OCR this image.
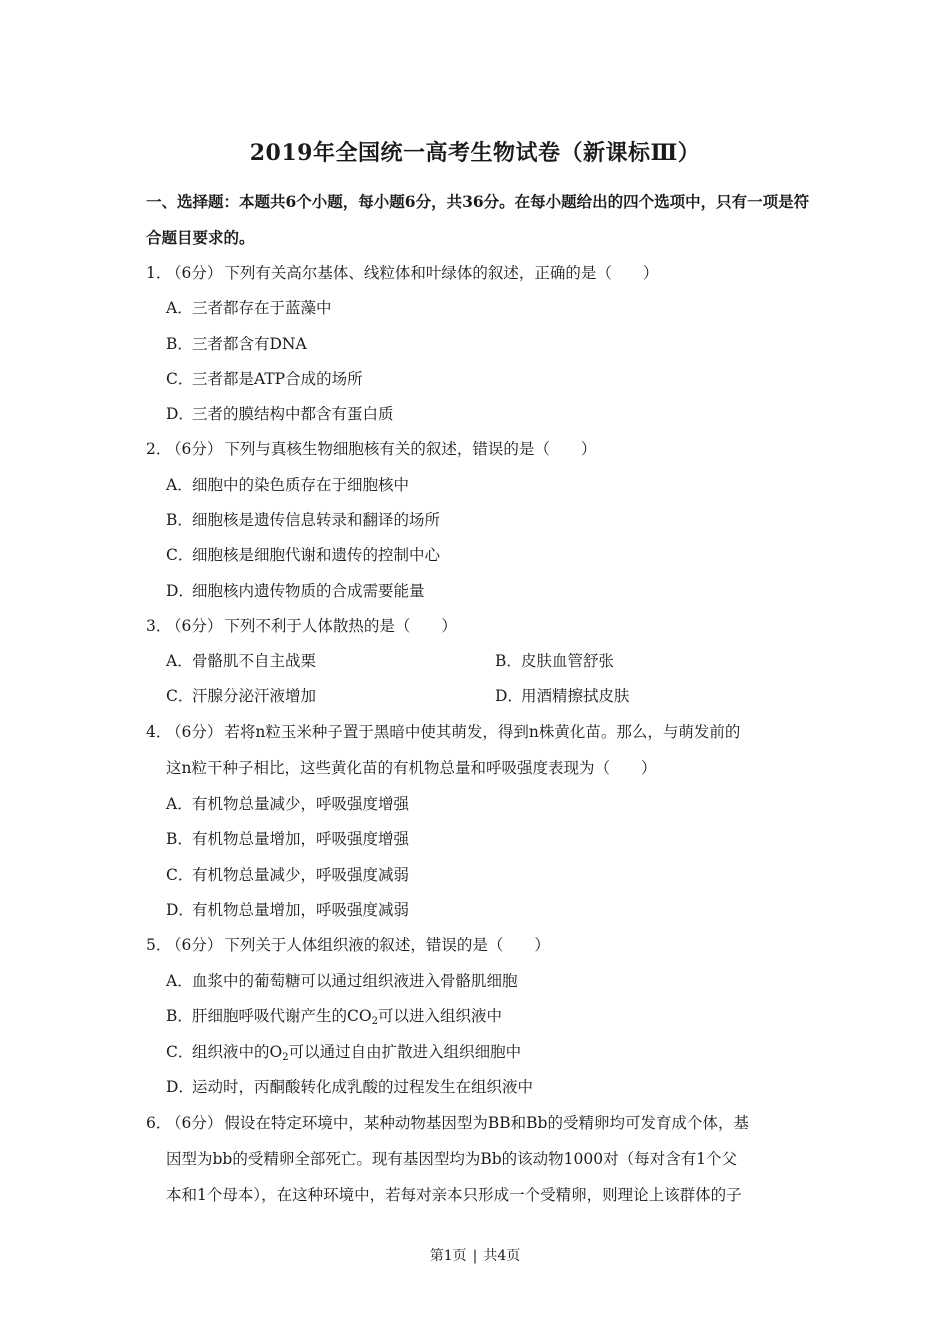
2019年全国统一高考生物试卷（新课标Ⅲ）
一、选择题：本题共6个小题，每小题6分，共36分。在每小题给出的四个选项中，只有一项是符合题目要求的。
1．（6分） 下列有关高尔基体、线粒体和叶绿体的叙述，正确的是（　　）
A．三者都存在于蓝藻中
B．三者都含有DNA
C．三者都是ATP合成的场所
D．三者的膜结构中都含有蛋白质
2．（6分） 下列与真核生物细胞核有关的叙述，错误的是（　　）
A．细胞中的染色质存在于细胞核中
B．细胞核是遗传信息转录和翻译的场所
C．细胞核是细胞代谢和遗传的控制中心
D．细胞核内遗传物质的合成需要能量
3．（6分） 下列不利于人体散热的是（　　）
A．骨骼肌不自主战栗	B．皮肤血管舒张
C．汗腺分泌汗液增加	D．用酒精擦拭皮肤
4．（6分） 若将n粒玉米种子置于黑暗中使其萌发，得到n株黄化苗。那么，与萌发前的
这n粒干种子相比，这些黄化苗的有机物总量和呼吸强度表现为（　　）
A．有机物总量减少，呼吸强度增强
B．有机物总量增加，呼吸强度增强
C．有机物总量减少，呼吸强度减弱
D．有机物总量增加，呼吸强度减弱
5．（6分） 下列关于人体组织液的叙述，错误的是（　　）
A．血浆中的葡萄糖可以通过组织液进入骨骼肌细胞
B．肝细胞呼吸代谢产生的$CO_2$可以进入组织液中
C．组织液中的$O_2$可以通过自由扩散进入组织细胞中
D．运动时，丙酮酸转化成乳酸的过程发生在组织液中
6．（6分） 假设在特定环境中，某种动物基因型为BB和Bb的受精卵均可发育成个体，基
因型为bb的受精卵全部死亡。现有基因型均为Bb的该动物1000对（每对含有1个父
本和1个母本），在这种环境中，若每对亲本只形成一个受精卵，则理论上该群体的子
第1页 | 共4页
